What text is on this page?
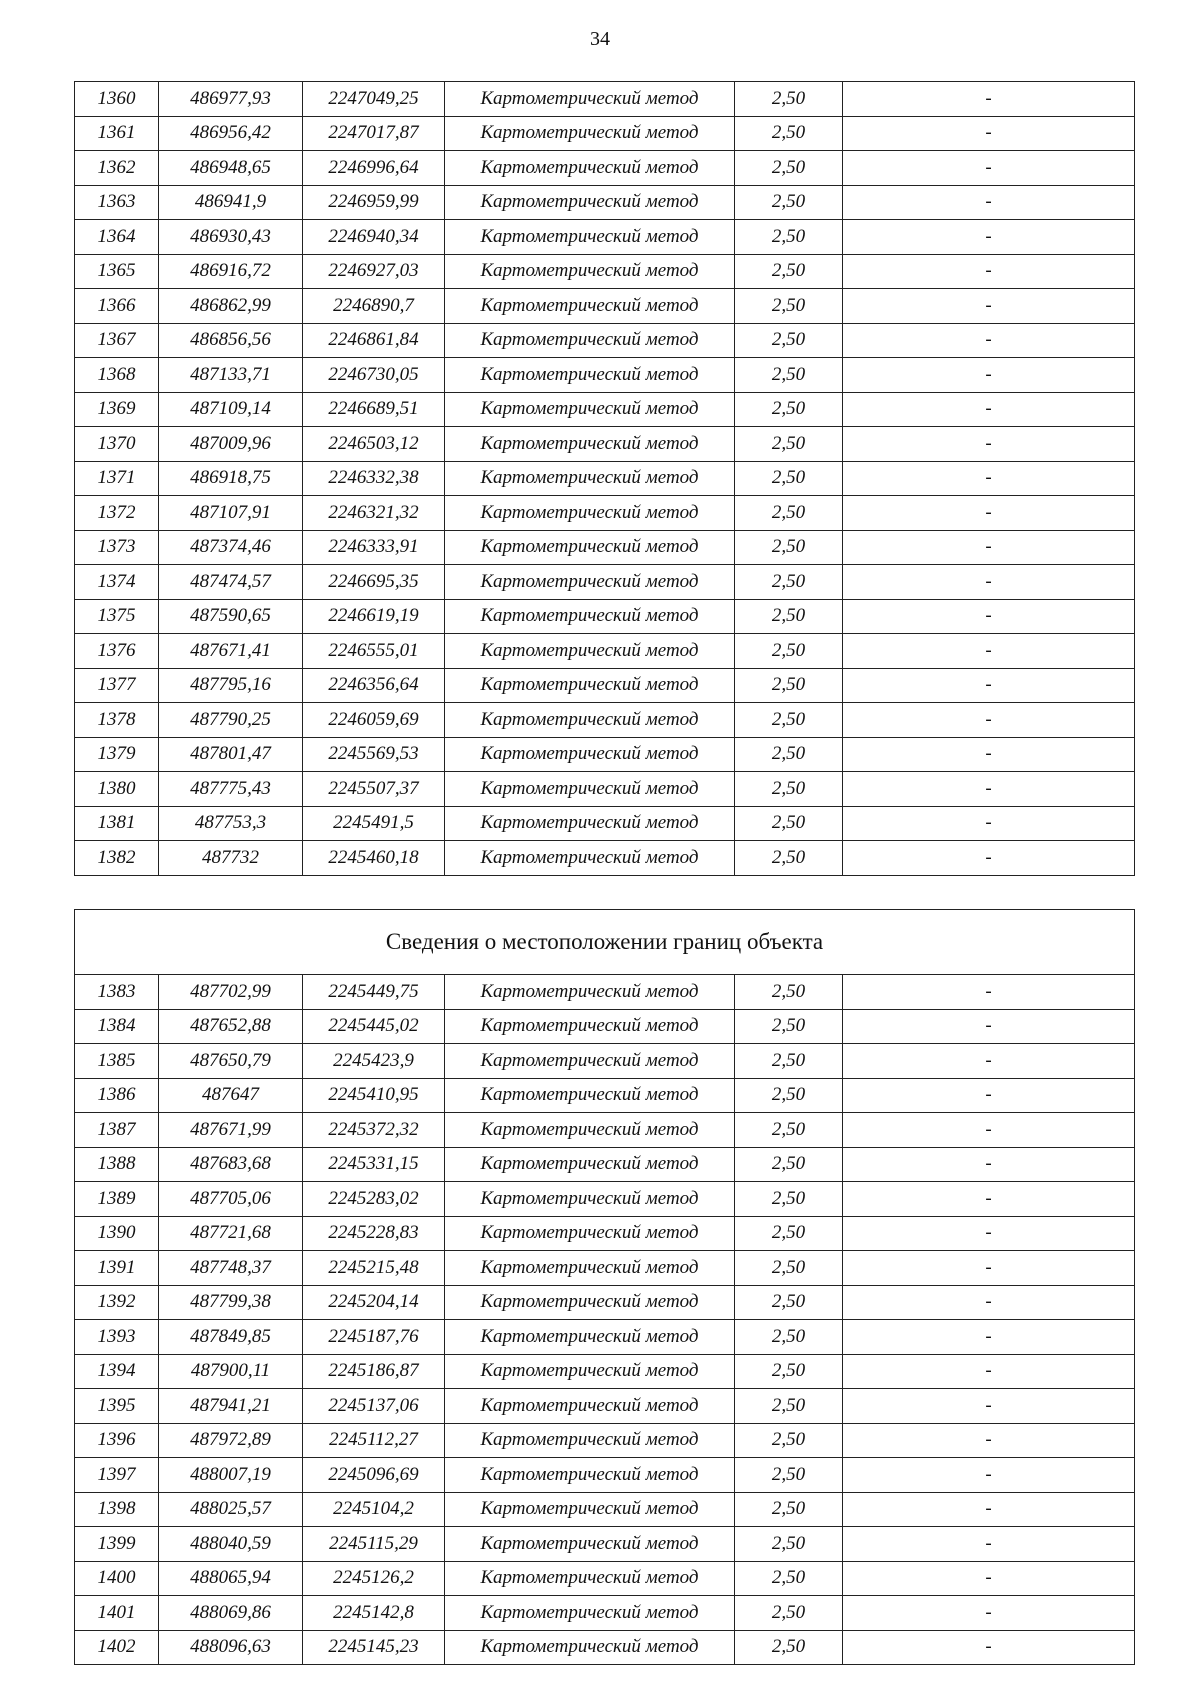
34
1360	486977,93	2247049,25	Картометрический метод	2,50	-
1361	486956,42	2247017,87	Картометрический метод	2,50	-
1362	486948,65	2246996,64	Картометрический метод	2,50	-
1363	486941,9	2246959,99	Картометрический метод	2,50	-
1364	486930,43	2246940,34	Картометрический метод	2,50	-
1365	486916,72	2246927,03	Картометрический метод	2,50	-
1366	486862,99	2246890,7	Картометрический метод	2,50	-
1367	486856,56	2246861,84	Картометрический метод	2,50	-
1368	487133,71	2246730,05	Картометрический метод	2,50	-
1369	487109,14	2246689,51	Картометрический метод	2,50	-
1370	487009,96	2246503,12	Картометрический метод	2,50	-
1371	486918,75	2246332,38	Картометрический метод	2,50	-
1372	487107,91	2246321,32	Картометрический метод	2,50	-
1373	487374,46	2246333,91	Картометрический метод	2,50	-
1374	487474,57	2246695,35	Картометрический метод	2,50	-
1375	487590,65	2246619,19	Картометрический метод	2,50	-
1376	487671,41	2246555,01	Картометрический метод	2,50	-
1377	487795,16	2246356,64	Картометрический метод	2,50	-
1378	487790,25	2246059,69	Картометрический метод	2,50	-
1379	487801,47	2245569,53	Картометрический метод	2,50	-
1380	487775,43	2245507,37	Картометрический метод	2,50	-
1381	487753,3	2245491,5	Картометрический метод	2,50	-
1382	487732	2245460,18	Картометрический метод	2,50	-
Сведения о местоположении границ объекта					
1383	487702,99	2245449,75	Картометрический метод	2,50	-
1384	487652,88	2245445,02	Картометрический метод	2,50	-
1385	487650,79	2245423,9	Картометрический метод	2,50	-
1386	487647	2245410,95	Картометрический метод	2,50	-
1387	487671,99	2245372,32	Картометрический метод	2,50	-
1388	487683,68	2245331,15	Картометрический метод	2,50	-
1389	487705,06	2245283,02	Картометрический метод	2,50	-
1390	487721,68	2245228,83	Картометрический метод	2,50	-
1391	487748,37	2245215,48	Картометрический метод	2,50	-
1392	487799,38	2245204,14	Картометрический метод	2,50	-
1393	487849,85	2245187,76	Картометрический метод	2,50	-
1394	487900,11	2245186,87	Картометрический метод	2,50	-
1395	487941,21	2245137,06	Картометрический метод	2,50	-
1396	487972,89	2245112,27	Картометрический метод	2,50	-
1397	488007,19	2245096,69	Картометрический метод	2,50	-
1398	488025,57	2245104,2	Картометрический метод	2,50	-
1399	488040,59	2245115,29	Картометрический метод	2,50	-
1400	488065,94	2245126,2	Картометрический метод	2,50	-
1401	488069,86	2245142,8	Картометрический метод	2,50	-
1402	488096,63	2245145,23	Картометрический метод	2,50	-
